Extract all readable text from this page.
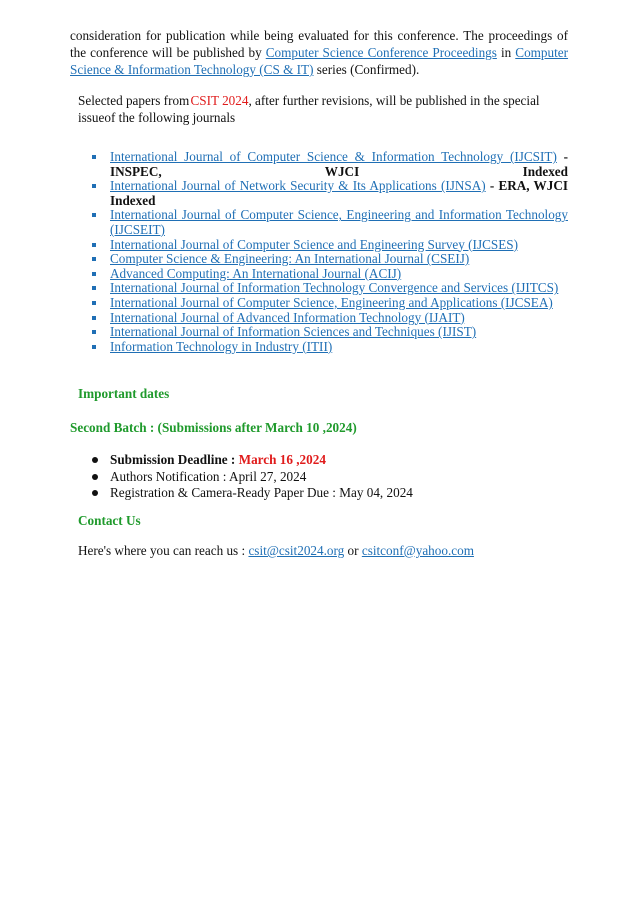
consideration for publication while being evaluated for this conference. The proceedings of the conference will be published by Computer Science Conference Proceedings in Computer Science & Information Technology (CS & IT) series (Confirmed).

Selected papers from CSIT 2024, after further revisions, will be published in the special issueof the following journals

International Journal of Computer Science & Information Technology (IJCSIT) - INSPEC, WJCI Indexed
International Journal of Network Security & Its Applications (IJNSA) - ERA, WJCI Indexed
International Journal of Computer Science, Engineering and Information Technology (IJCSEIT)
International Journal of Computer Science and Engineering Survey (IJCSES)
Computer Science & Engineering: An International Journal (CSEIJ)
Advanced Computing: An International Journal (ACIJ)
International Journal of Information Technology Convergence and Services (IJITCS)
International Journal of Computer Science, Engineering and Applications (IJCSEA)
International Journal of Advanced Information Technology (IJAIT)
International Journal of Information Sciences and Techniques (IJIST)
Information Technology in Industry (ITII)

Important dates

Second Batch : (Submissions after March 10 ,2024)

Submission Deadline : March 16 ,2024
Authors Notification : April 27, 2024
Registration & Camera-Ready Paper Due : May 04, 2024

Contact Us

Here's where you can reach us : csit@csit2024.org or csitconf@yahoo.com
